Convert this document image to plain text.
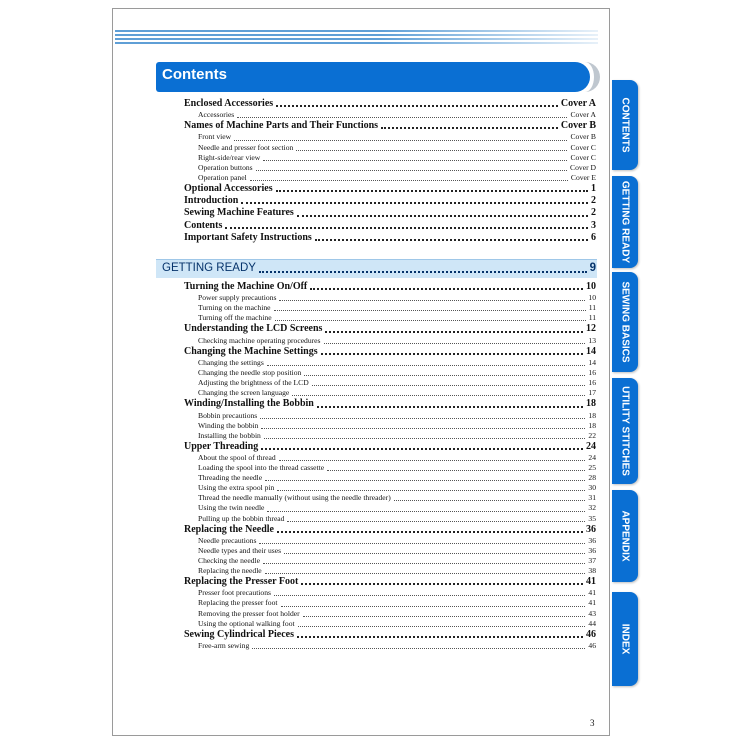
Contents
Enclosed Accessories	Cover A
Accessories	Cover A
Names of Machine Parts and Their Functions	Cover B
Front view	Cover B
Needle and presser foot section	Cover C
Right-side/rear view	Cover C
Operation buttons	Cover D
Operation panel	Cover E
Optional Accessories	1
Introduction	2
Sewing Machine Features	2
Contents	3
Important Safety Instructions	6
GETTING READY	9
Turning the Machine On/Off	10
Power supply precautions	10
Turning on the machine	11
Turning off the machine	11
Understanding the LCD Screens	12
Checking machine operating procedures	13
Changing the Machine Settings	14
Changing the settings	14
Changing the needle stop position	16
Adjusting the brightness of the LCD	16
Changing the screen language	17
Winding/Installing the Bobbin	18
Bobbin precautions	18
Winding the bobbin	18
Installing the bobbin	22
Upper Threading	24
About the spool of thread	24
Loading the spool into the thread cassette	25
Threading the needle	28
Using the extra spool pin	30
Thread the needle manually (without using the needle threader)	31
Using the twin needle	32
Pulling up the bobbin thread	35
Replacing the Needle	36
Needle precautions	36
Needle types and their uses	36
Checking the needle	37
Replacing the needle	38
Replacing the Presser Foot	41
Presser foot precautions	41
Replacing the presser foot	41
Removing the presser foot holder	43
Using the optional walking foot	44
Sewing Cylindrical Pieces	46
Free-arm sewing	46
CONTENTS
GETTING READY
SEWING BASICS
UTILITY STITCHES
APPENDIX
INDEX
3
